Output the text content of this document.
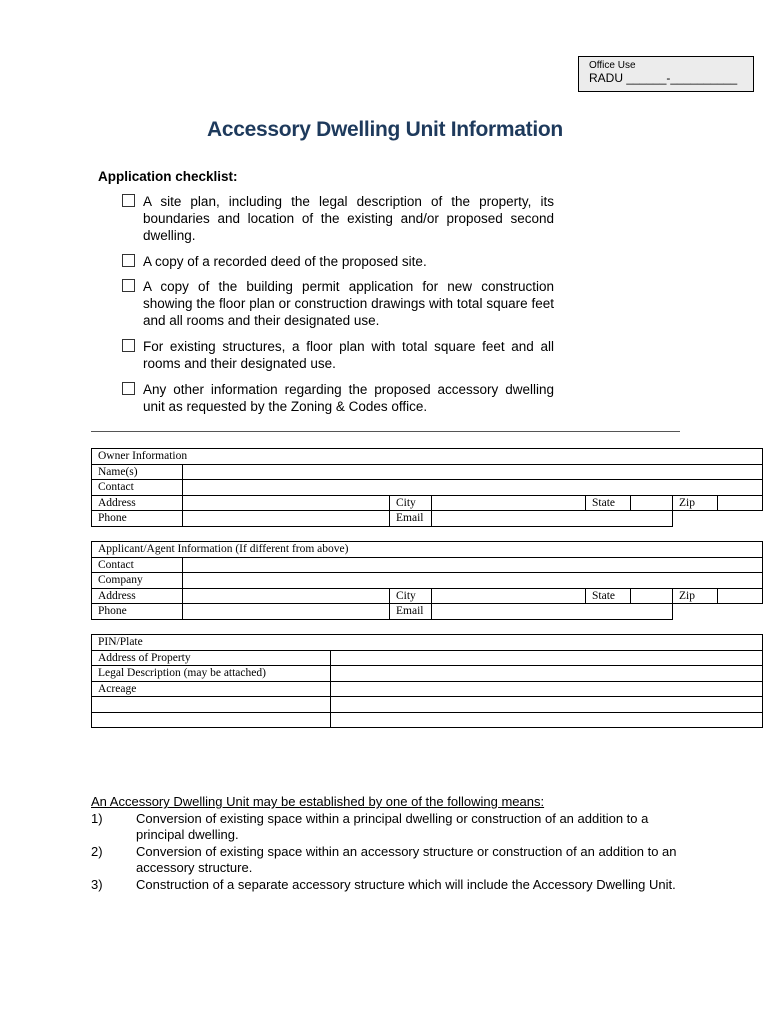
Office Use
RADU ______-__________
Accessory Dwelling Unit Information
Application checklist:
A site plan, including the legal description of the property, its boundaries and location of the existing and/or proposed second dwelling.
A copy of a recorded deed of the proposed site.
A copy of the building permit application for new construction showing the floor plan or construction drawings with total square feet and all rooms and their designated use.
For existing structures, a floor plan with total square feet and all rooms and their designated use.
Any other information regarding the proposed accessory dwelling unit as requested by the Zoning & Codes office.
Owner Information							
Name(s)							
Contact							
Address		City		State		Zip	
Phone		Email					
Applicant/Agent Information (If different from above)							
Contact							
Company							
Address		City		State		Zip	
Phone		Email					
PIN/Plate	
Address of Property	
Legal Description (may be attached)	
Acreage	

An Accessory Dwelling Unit may be established by one of the following means:
1)	Conversion of existing space within a principal dwelling or construction of an addition to a principal dwelling.
2)	Conversion of existing space within an accessory structure or construction of an addition to an accessory structure.
3)	Construction of a separate accessory structure which will include the Accessory Dwelling Unit.
